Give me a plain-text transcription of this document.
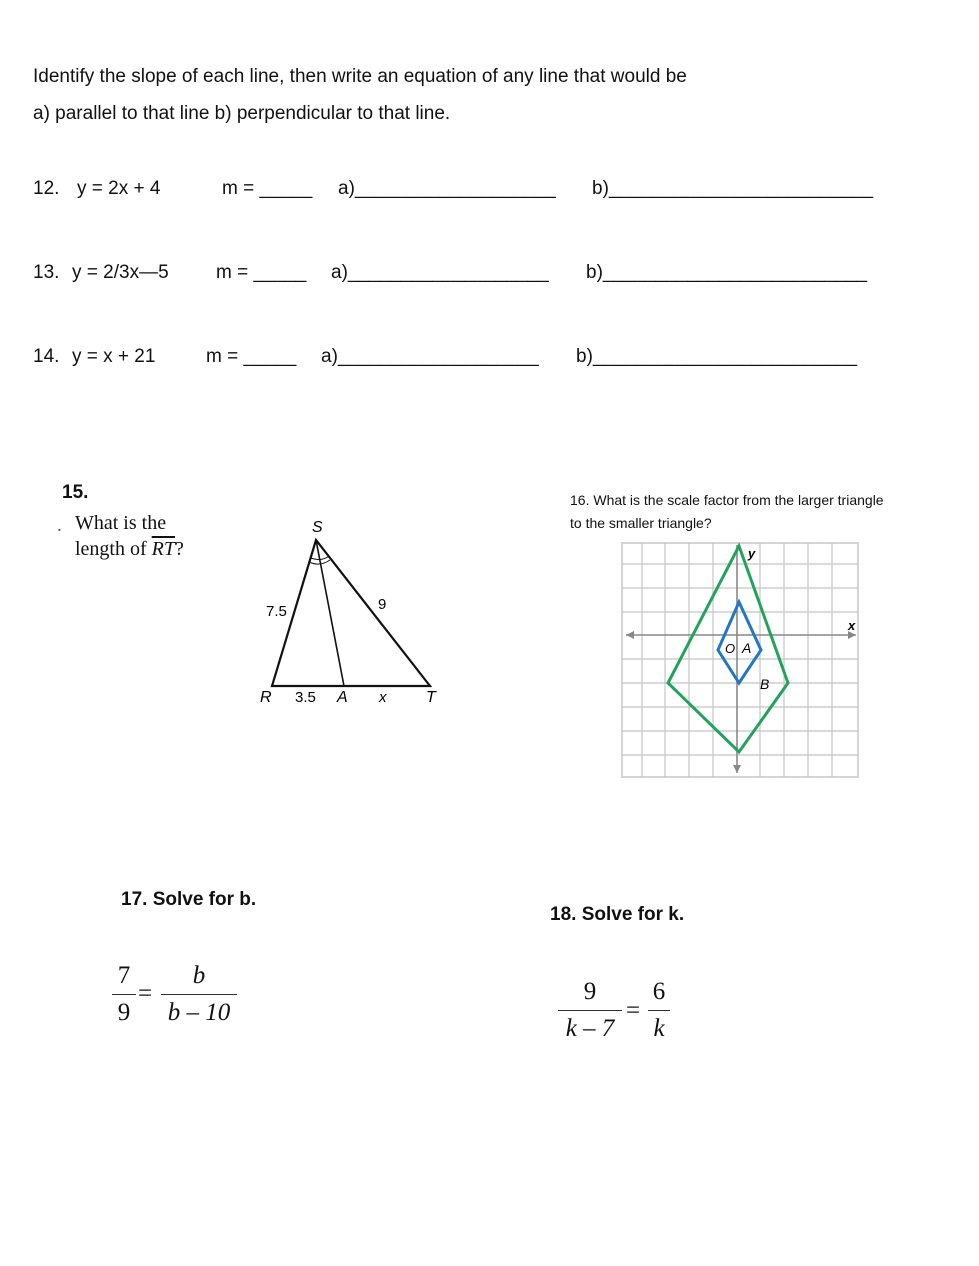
Identify the slope of each line, then write an equation of any line that would be
a) parallel to that line b) perpendicular to that line.
12. y = 2x + 4	m = _____ a)___________________ b)_________________________
13. y = 2/3x—5 m = _____ a)___________________ b)_________________________
14. y = x + 21	m = _____ a)___________________ b)_________________________
15.
. What is the
length of $\overline{RT}$?
S
7.5	9
R 3.5 A x T
16. What is the scale factor from the larger triangle
to the smaller triangle?
y
x
O A
B
17. Solve for b.
7
9
=
b
b – 10
18. Solve for k.
9
k – 7
=
6
k
